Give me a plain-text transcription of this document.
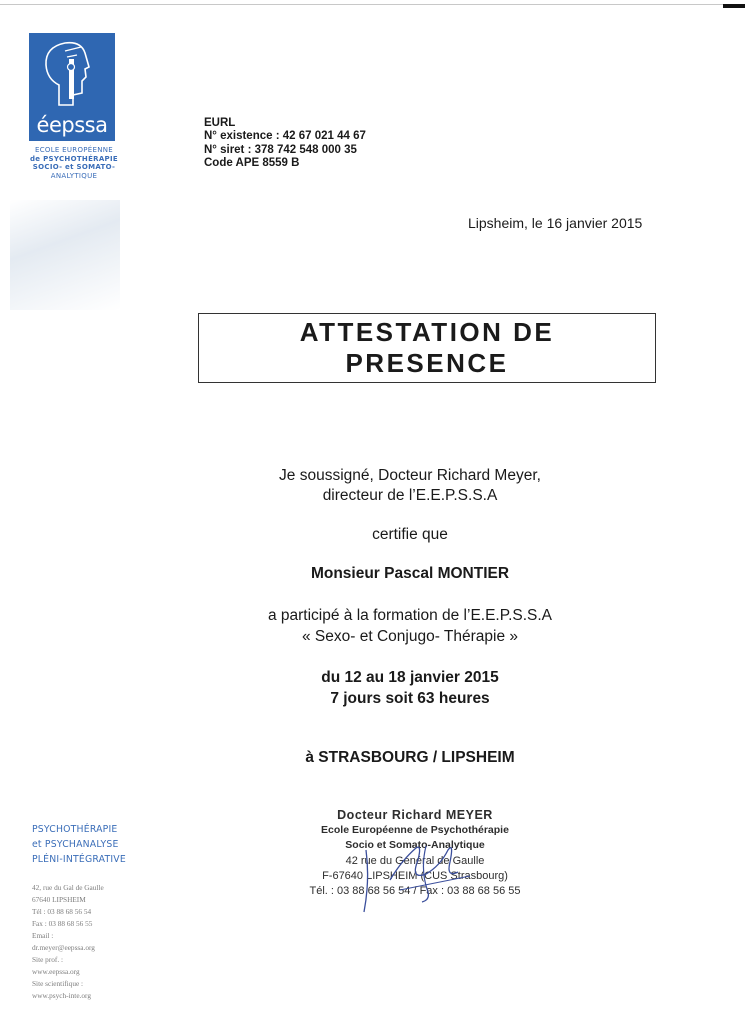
éepssa
ECOLE EUROPÉENNE
de PSYCHOTHÉRAPIE
SOCIO- et SOMATO-
ANALYTIQUE
EURL
N° existence : 42 67 021 44 67
N° siret : 378 742 548 000 35
Code APE 8559 B
Lipsheim, le 16 janvier 2015
ATTESTATION DE
PRESENCE
Je soussigné, Docteur Richard Meyer,
directeur de l’E.E.P.S.S.A
certifie que
Monsieur Pascal MONTIER
a participé à la formation de l’E.E.P.S.S.A
« Sexo- et Conjugo- Thérapie »
du 12 au 18 janvier 2015
7 jours soit 63 heures
à STRASBOURG / LIPSHEIM
Docteur Richard MEYER
Ecole Européenne de Psychothérapie
Socio et Somato-Analytique
42 rue du Général de Gaulle
F-67640 LIPSHEIM (CUS Strasbourg)
Tél. : 03 88 68 56 54 / Fax : 03 88 68 56 55
PSYCHOTHÉRAPIE
et PSYCHANALYSE
PLÉNI-INTÉGRATIVE
42, rue du Gal de Gaulle
67640 LIPSHEIM
Tél : 03 88 68 56 54
Fax : 03 88 68 56 55
Email :
dr.meyer@eepssa.org
Site prof. :
www.eepssa.org
Site scientifique :
www.psych-inte.org
